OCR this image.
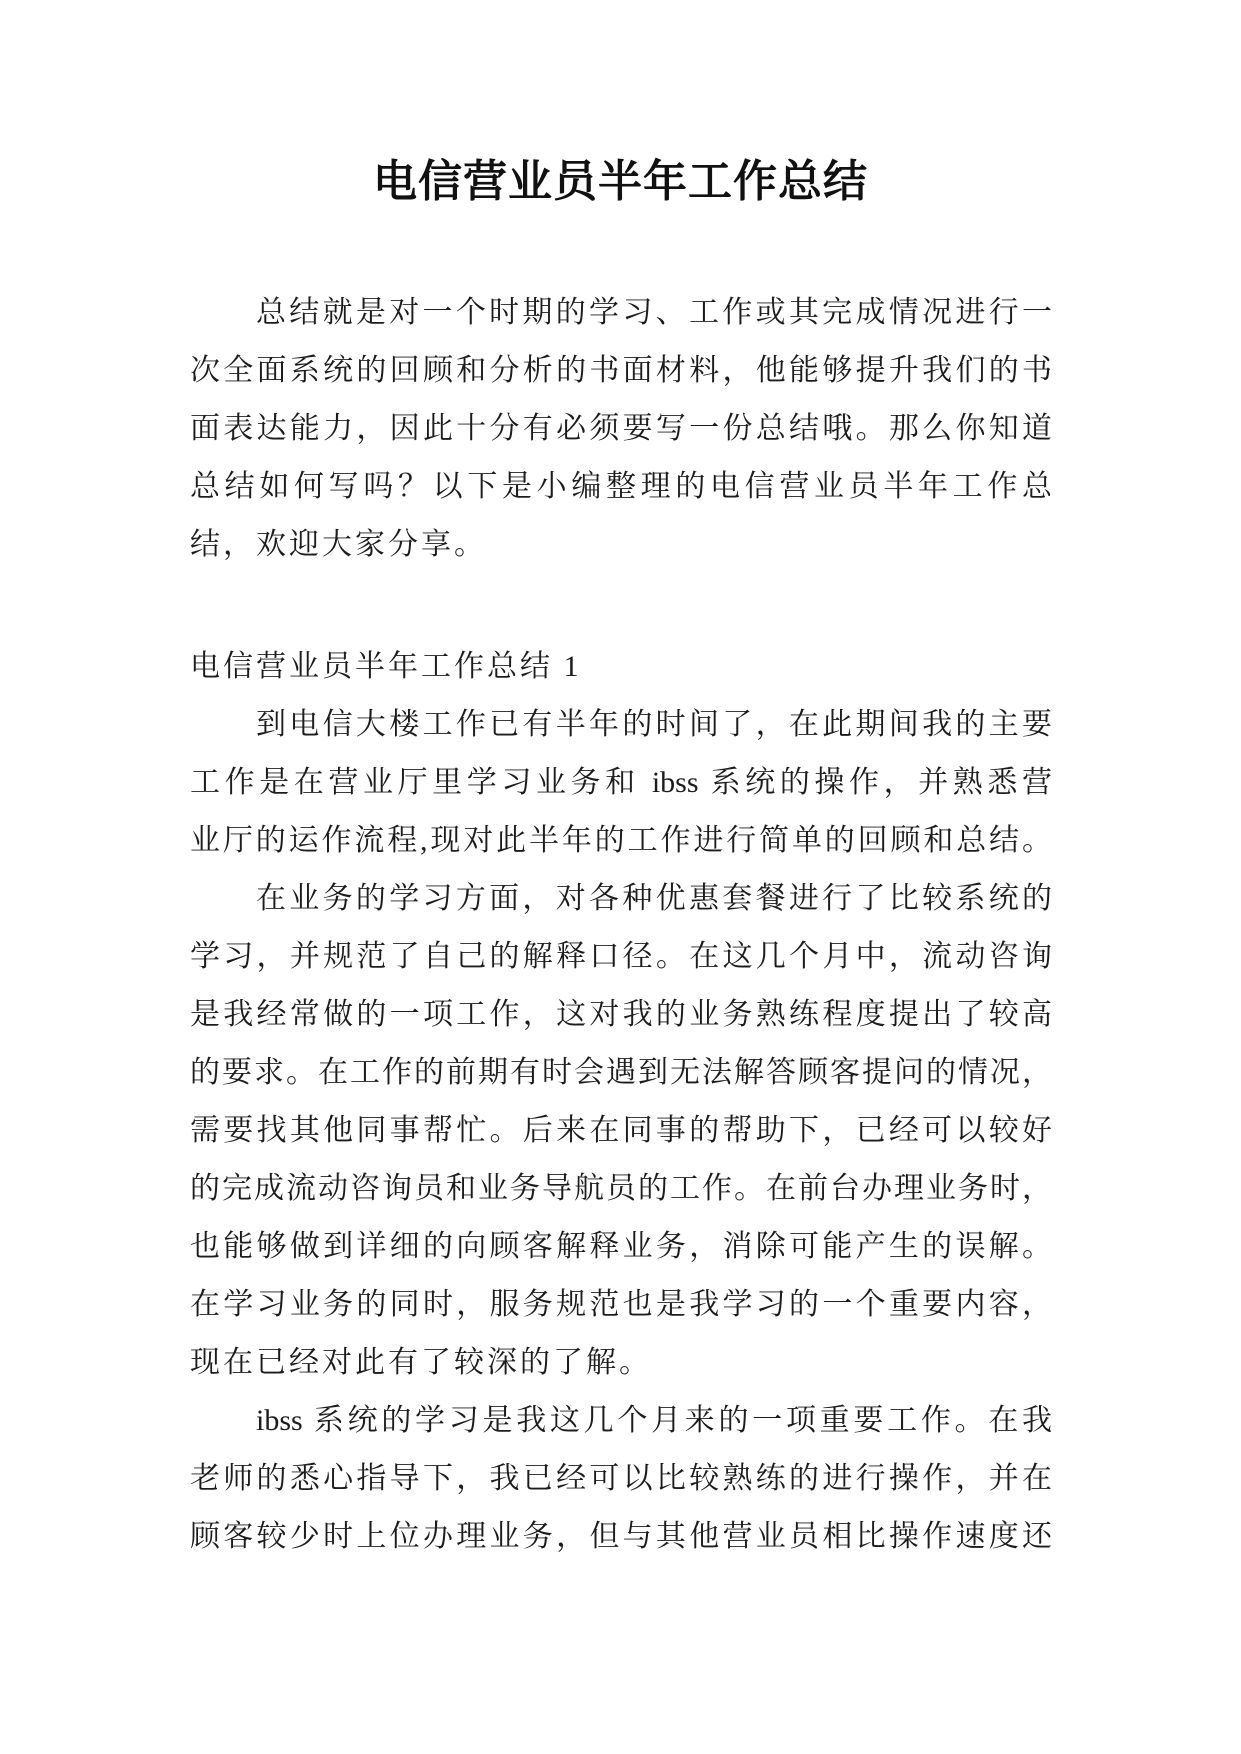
电信营业员半年工作总结
总结就是对一个时期的学习、工作或其完成情况进行一
次全面系统的回顾和分析的书面材料，他能够提升我们的书
面表达能力，因此十分有必须要写一份总结哦。那么你知道
总结如何写吗？以下是小编整理的电信营业员半年工作总
结，欢迎大家分享。
电信营业员半年工作总结 1
到电信大楼工作已有半年的时间了，在此期间我的主要
工作是在营业厅里学习业务和 ibss 系统的操作，并熟悉营
业厅的运作流程,现对此半年的工作进行简单的回顾和总结。
在业务的学习方面，对各种优惠套餐进行了比较系统的
学习，并规范了自己的解释口径。在这几个月中，流动咨询
是我经常做的一项工作，这对我的业务熟练程度提出了较高
的要求。在工作的前期有时会遇到无法解答顾客提问的情况，
需要找其他同事帮忙。后来在同事的帮助下，已经可以较好
的完成流动咨询员和业务导航员的工作。在前台办理业务时，
也能够做到详细的向顾客解释业务，消除可能产生的误解。
在学习业务的同时，服务规范也是我学习的一个重要内容，
现在已经对此有了较深的了解。
ibss 系统的学习是我这几个月来的一项重要工作。在我
老师的悉心指导下，我已经可以比较熟练的进行操作，并在
顾客较少时上位办理业务，但与其他营业员相比操作速度还
